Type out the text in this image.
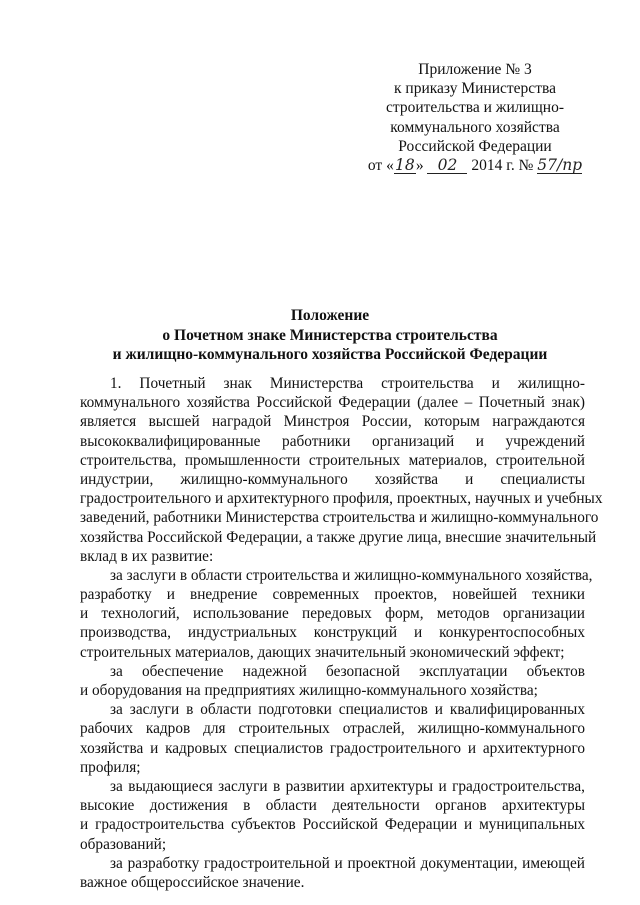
Приложение № 3
к приказу Министерства
строительства и жилищно-
коммунального хозяйства
Российской Федерации
от «18» 02 2014 г. № 57/пр
Положение
о Почетном знаке Министерства строительства
и жилищно-коммунального хозяйства Российской Федерации
1. Почетный знак Министерства строительства и жилищно-
коммунального хозяйства Российской Федерации (далее – Почетный знак)
является высшей наградой Минстроя России, которым награждаются
высококвалифицированные работники организаций и учреждений
строительства, промышленности строительных материалов, строительной
индустрии, жилищно-коммунального хозяйства и специалисты
градостроительного и архитектурного профиля, проектных, научных и учебных
заведений, работники Министерства строительства и жилищно-коммунального
хозяйства Российской Федерации, а также другие лица, внесшие значительный
вклад в их развитие:
за заслуги в области строительства и жилищно-коммунального хозяйства,
разработку и внедрение современных проектов, новейшей техники
и технологий, использование передовых форм, методов организации
производства, индустриальных конструкций и конкурентоспособных
строительных материалов, дающих значительный экономический эффект;
за обеспечение надежной безопасной эксплуатации объектов
и оборудования на предприятиях жилищно-коммунального хозяйства;
за заслуги в области подготовки специалистов и квалифицированных
рабочих кадров для строительных отраслей, жилищно-коммунального
хозяйства и кадровых специалистов градостроительного и архитектурного
профиля;
за выдающиеся заслуги в развитии архитектуры и градостроительства,
высокие достижения в области деятельности органов архитектуры
и градостроительства субъектов Российской Федерации и муниципальных
образований;
за разработку градостроительной и проектной документации, имеющей
важное общероссийское значение.
